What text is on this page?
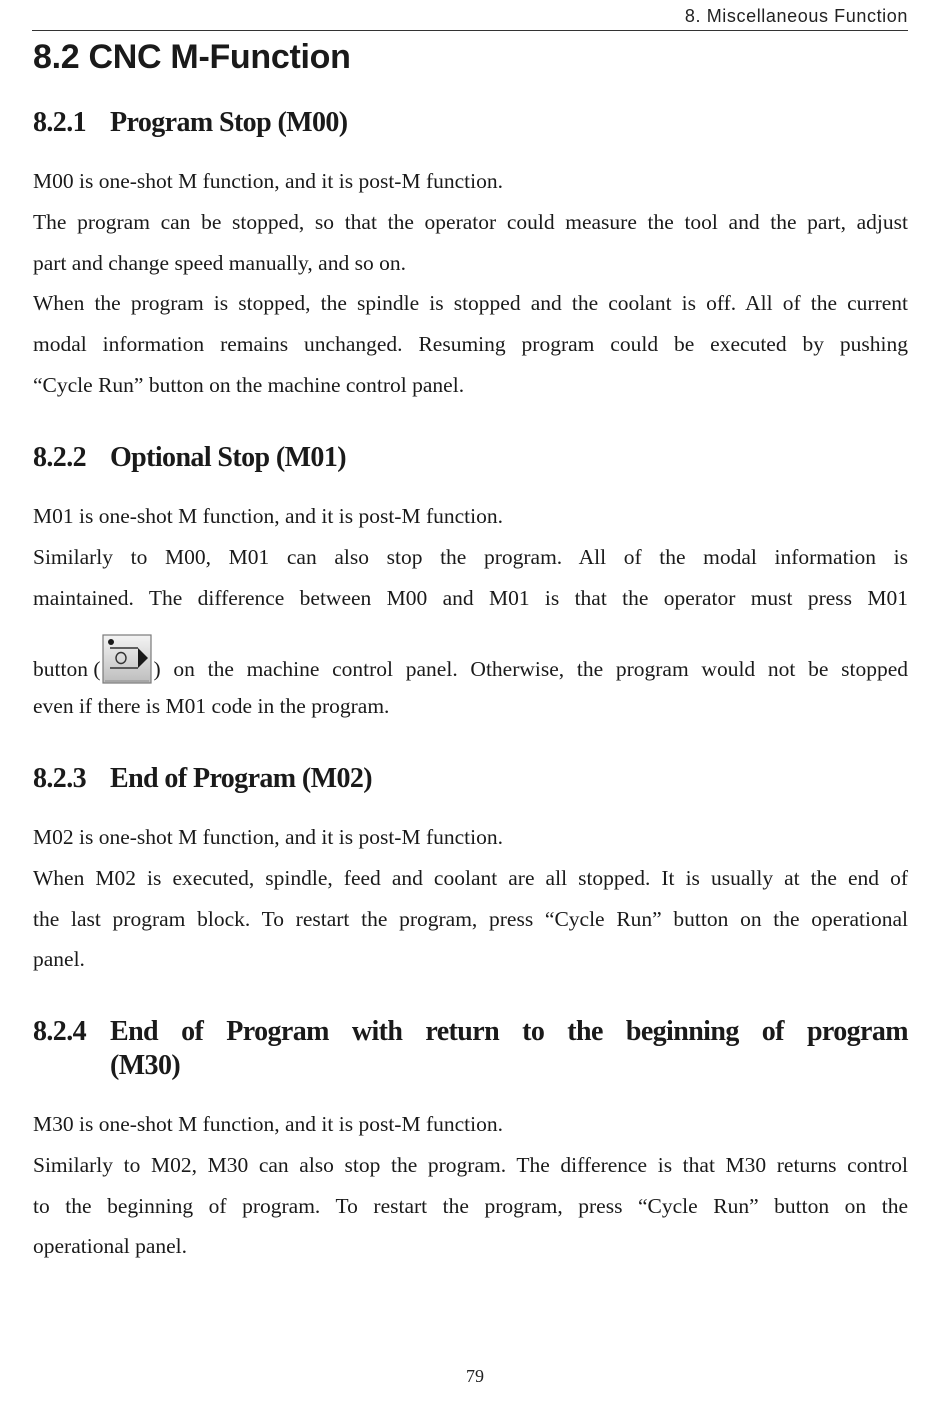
8. Miscellaneous Function
8.2 CNC M-Function
8.2.1 Program Stop (M00)
M00 is one-shot M function, and it is post-M function.
The program can be stopped, so that the operator could measure the tool and the part, adjust
part and change speed manually, and so on.
When the program is stopped, the spindle is stopped and the coolant is off. All of the current
modal information remains unchanged. Resuming program could be executed by pushing
“Cycle Run” button on the machine control panel.
8.2.2 Optional Stop (M01)
M01 is one-shot M function, and it is post-M function.
Similarly to M00, M01 can also stop the program. All of the modal information is
maintained. The difference between M00 and M01 is that the operator must press M01
button ( ) on the machine control panel. Otherwise, the program would not be stopped
even if there is M01 code in the program.
8.2.3 End of Program (M02)
M02 is one-shot M function, and it is post-M function.
When M02 is executed, spindle, feed and coolant are all stopped. It is usually at the end of
the last program block. To restart the program, press “Cycle Run” button on the operational
panel.
8.2.4 End of Program with return to the beginning of program
(M30)
M30 is one-shot M function, and it is post-M function.
Similarly to M02, M30 can also stop the program. The difference is that M30 returns control
to the beginning of program. To restart the program, press “Cycle Run” button on the
operational panel.
79
